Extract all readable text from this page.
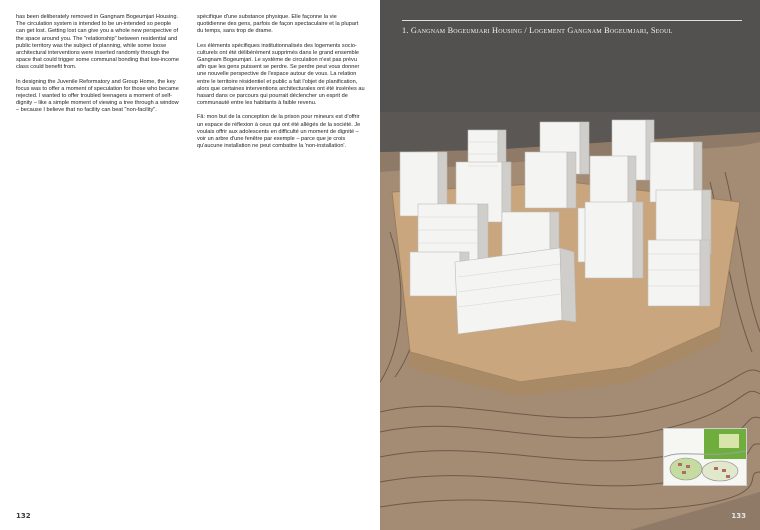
has been deliberately removed in Gangnam Bogeumjari Housing. The circulation system is intended to be un-intended so people can get lost. Getting lost can give you a whole new perspective of the space around you. The "relationship" between residential and public territory was the subject of planning, while some loose architectural interventions were inserted randomly through the space that could trigger some communal bonding that low-income class could benefit from.

In designing the Juvenile Reformatory and Group Home, the key focus was to offer a moment of speculation for those who became rejected. I wanted to offer troubled teenagers a moment of self-dignity – like a simple moment of viewing a tree through a window – because I believe that no facility can beat "non-facility".

spécifique d'une substance physique. Elle façonne la vie quotidienne des gens, parfois de façon spectaculaire et la plupart du temps, sans trop de drame.

Les éléments spécifiques institutionnalisés des logements socio-culturels ont été délibérément supprimés dans le grand ensemble Gangnam Bogeumjari. Le système de circulation n'est pas prévu afin que les gens puissent se perdre. Se perdre peut vous donner une nouvelle perspective de l'espace autour de vous. La relation entre le territoire résidentiel et public a fait l'objet de planification, alors que certaines interventions architecturales ont été insérées au hasard dans ce parcours qui pourrait déclencher un esprit de communauté entre les habitants à faible revenu.

Fâ: mon but de la conception de la prison pour mineurs est d'offrir un espace de réflexion à ceux qui ont été allégés de la société. Je voulais offrir aux adolescents en difficulté un moment de dignité – voir un arbre d'une fenêtre par exemple – parce que je crois qu'aucune installation ne peut combattre la 'non-installation'.

132
1. Gangnam Bogeumjari Housing / Logement Gangnam Bogeumjari, Seoul
133
